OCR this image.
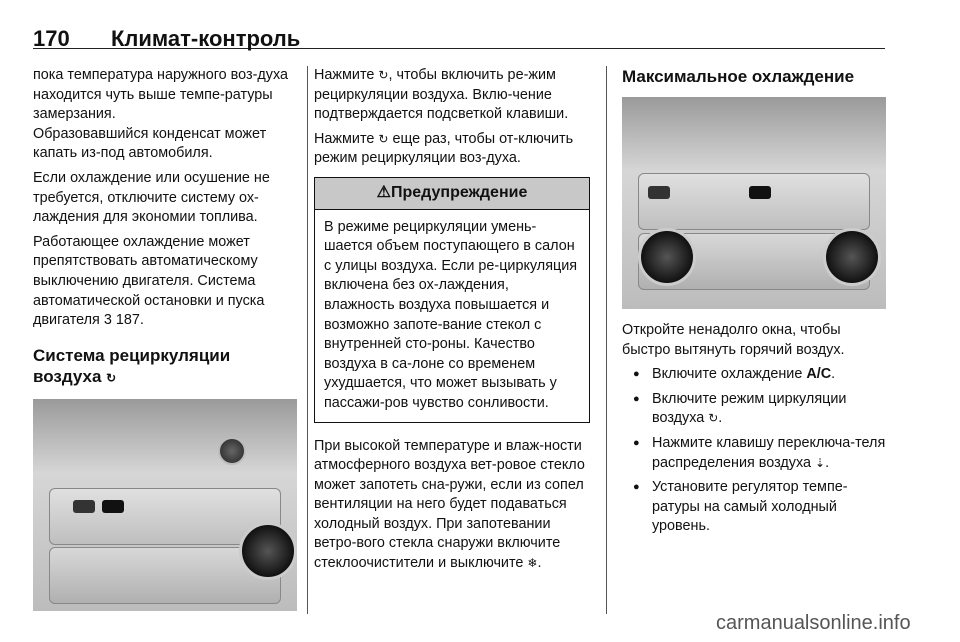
170 Климат-контроль

пока температура наружного воз-духа находится чуть выше темпе-ратуры замерзания.

Образовавшийся конденсат может капать из-под автомобиля.

Если охлаждение или осушение не требуется, отключите систему ох-лаждения для экономии топлива.

Работающее охлаждение может препятствовать автоматическому выключению двигателя. Система автоматической остановки и пуска двигателя 3 187.

Система рециркуляции воздуха ↻

Нажмите ↻, чтобы включить ре-жим рециркуляции воздуха. Вклю-чение подтверждается подсветкой клавиши.

Нажмите ↻ еще раз, чтобы от-ключить режим рециркуляции воз-духа.

⚠Предупреждение
В режиме рециркуляции умень-шается объем поступающего в салон с улицы воздуха. Если ре-циркуляция включена без ох-лаждения, влажность воздуха повышается и возможно запоте-вание стекол с внутренней сто-роны. Качество воздуха в са-лоне со временем ухудшается, что может вызывать у пассажи-ров чувство сонливости.

При высокой температуре и влаж-ности атмосферного воздуха вет-ровое стекло может запотеть сна-ружи, если из сопел вентиляции на него будет подаваться холодный воздух. При запотевании ветро-вого стекла снаружи включите стеклоочистители и выключите ❄.

Максимальное охлаждение

Откройте ненадолго окна, чтобы быстро вытянуть горячий воздух.

● Включите охлаждение A/C.
● Включите режим циркуляции воздуха ↻.
● Нажмите клавишу переключа-теля распределения воздуха ⇣.
● Установите регулятор темпе-ратуры на самый холодный уровень.
carmanualsonline.info
